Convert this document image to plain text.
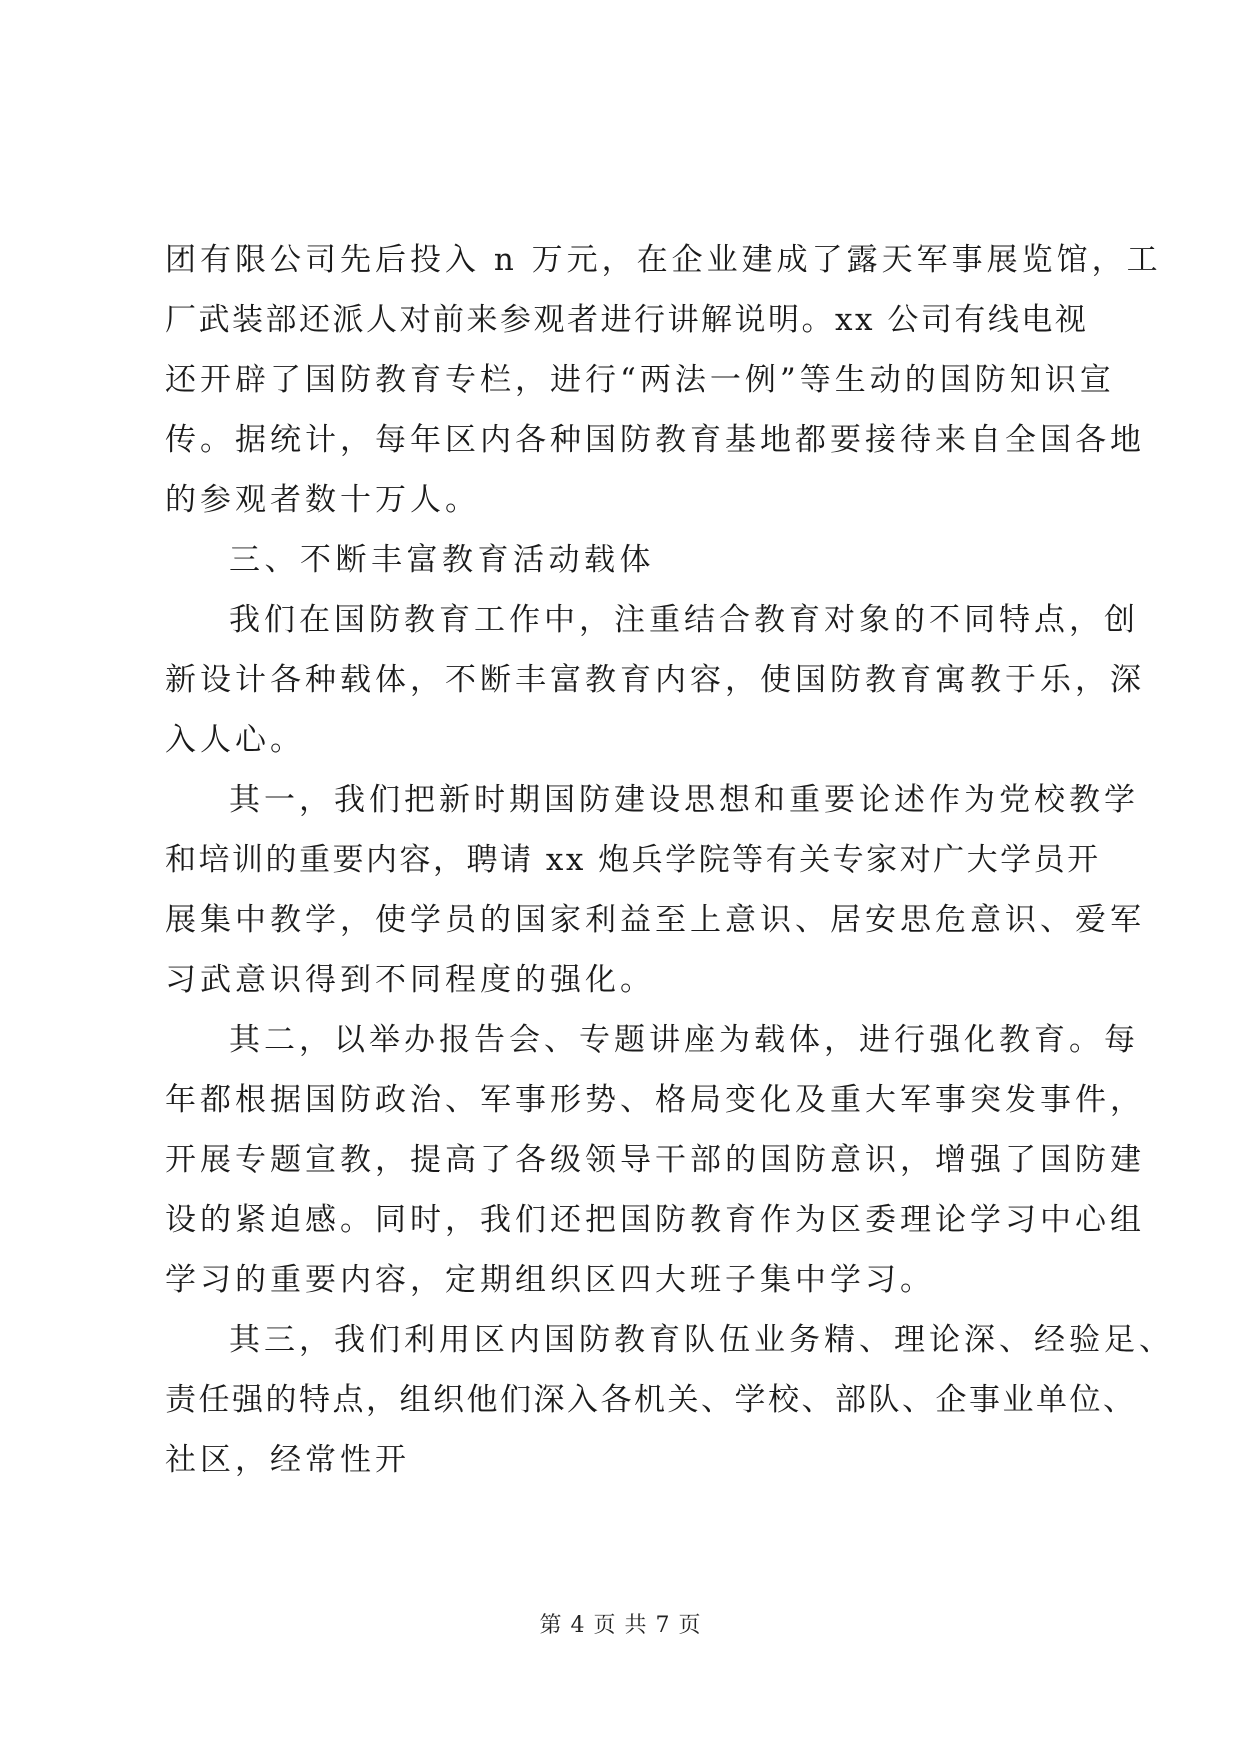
团有限公司先后投入 n 万元，在企业建成了露天军事展览馆，工
厂武装部还派人对前来参观者进行讲解说明。xx 公司有线电视
还开辟了国防教育专栏，进行“两法一例”等生动的国防知识宣
传。据统计，每年区内各种国防教育基地都要接待来自全国各地
的参观者数十万人。
三、不断丰富教育活动载体
我们在国防教育工作中，注重结合教育对象的不同特点，创
新设计各种载体，不断丰富教育内容，使国防教育寓教于乐，深
入人心。
其一，我们把新时期国防建设思想和重要论述作为党校教学
和培训的重要内容，聘请 xx 炮兵学院等有关专家对广大学员开
展集中教学，使学员的国家利益至上意识、居安思危意识、爱军
习武意识得到不同程度的强化。
其二，以举办报告会、专题讲座为载体，进行强化教育。每
年都根据国防政治、军事形势、格局变化及重大军事突发事件，
开展专题宣教，提高了各级领导干部的国防意识，增强了国防建
设的紧迫感。同时，我们还把国防教育作为区委理论学习中心组
学习的重要内容，定期组织区四大班子集中学习。
其三，我们利用区内国防教育队伍业务精、理论深、经验足、
责任强的特点，组织他们深入各机关、学校、部队、企事业单位、
社区，经常性开
第 4 页 共 7 页
